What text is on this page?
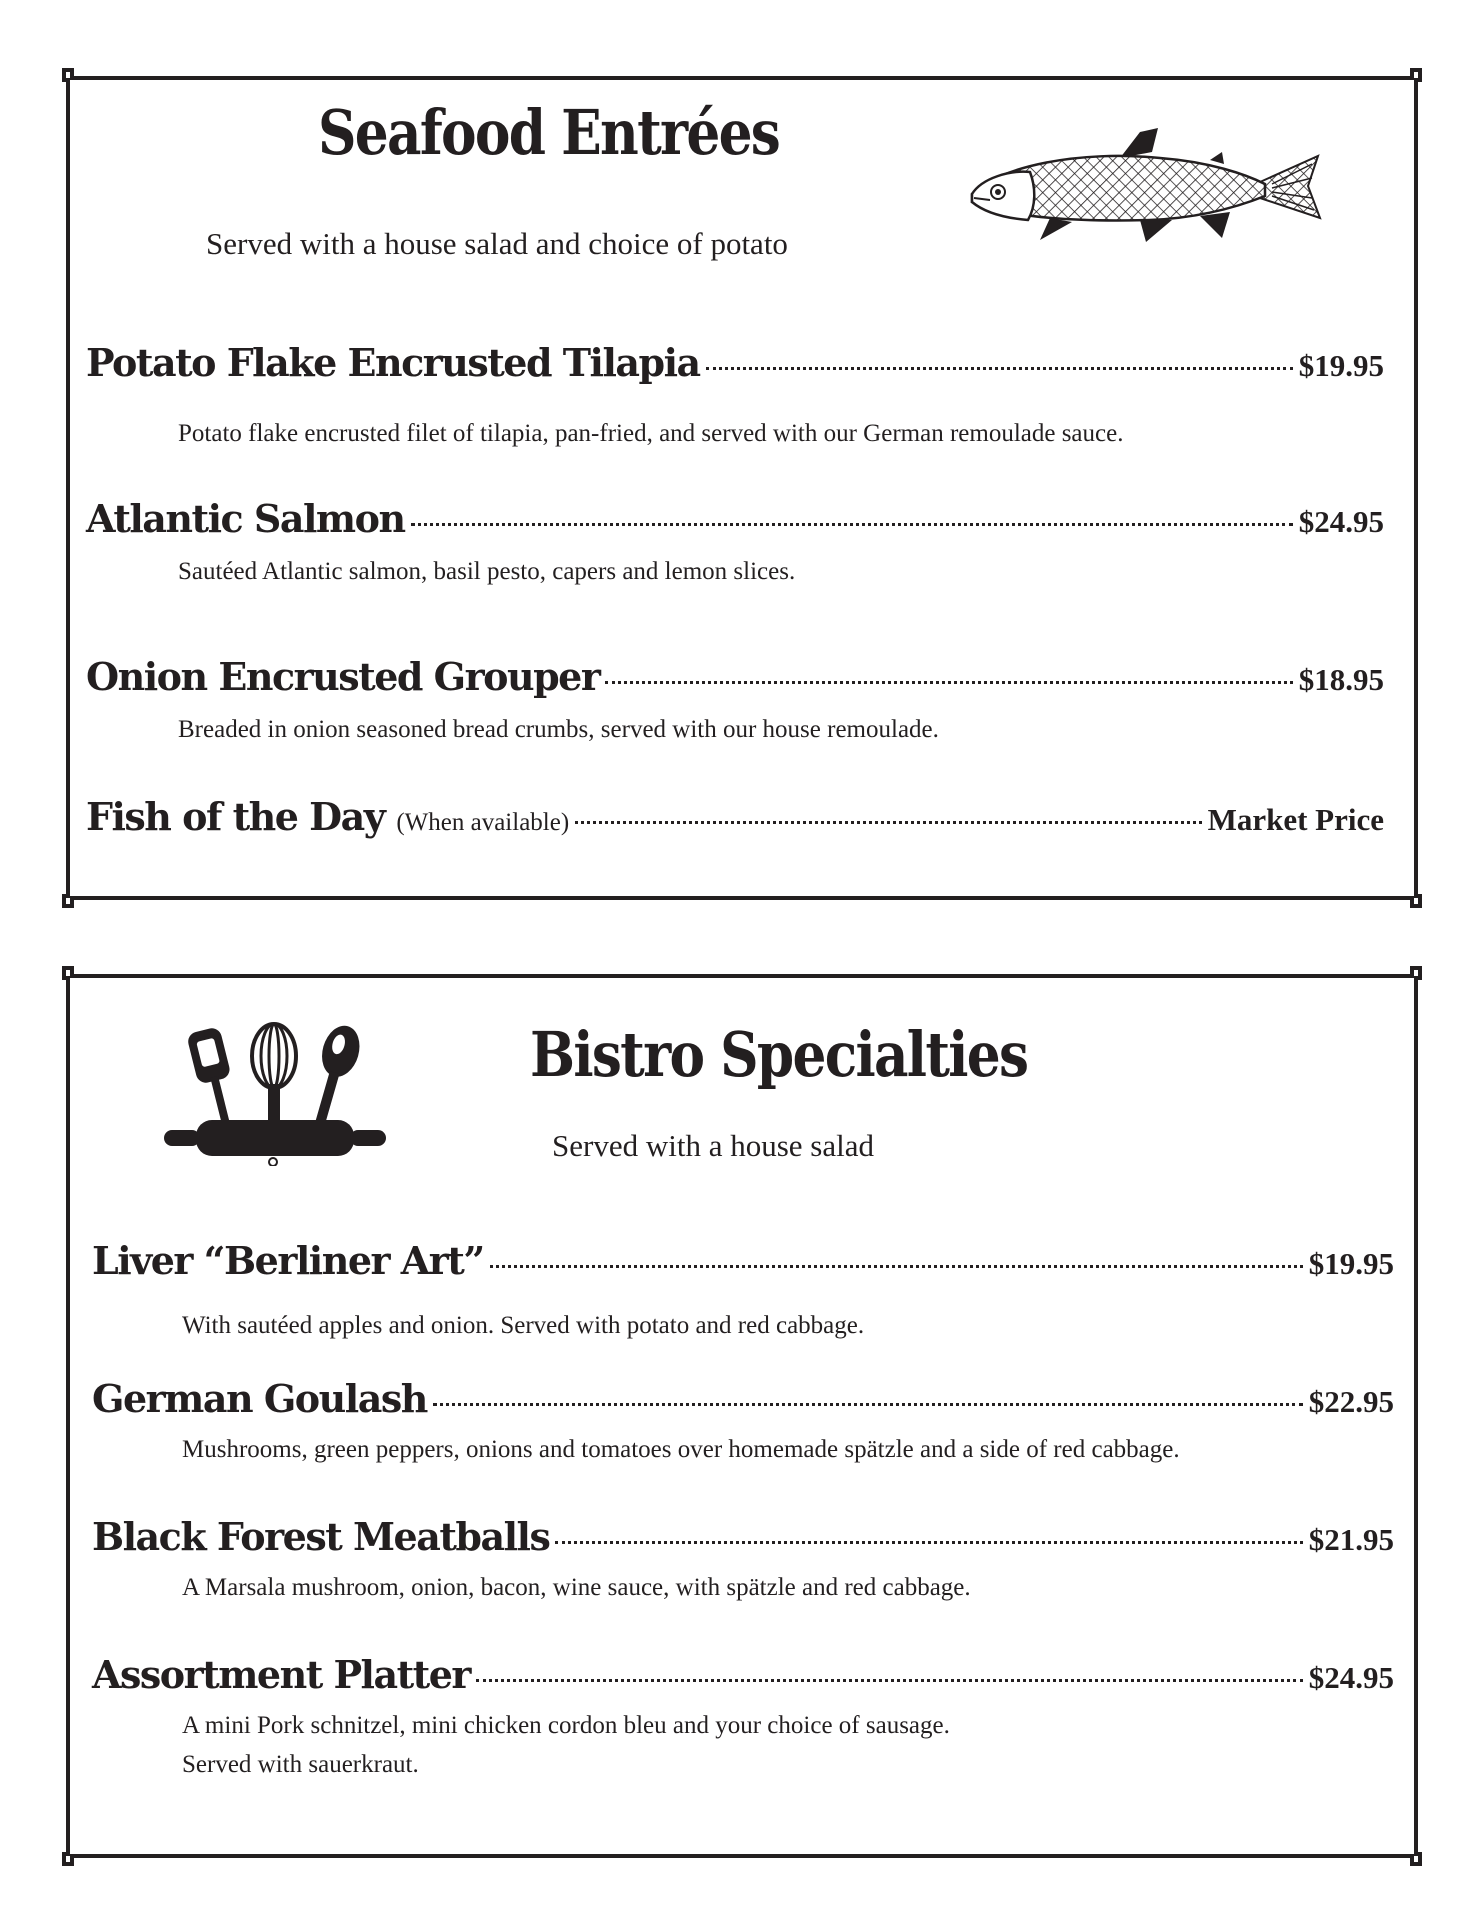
Seafood Entrées
Served with a house salad and choice of potato
Potato Flake Encrusted Tilapia	$19.95
Potato flake encrusted filet of tilapia, pan-fried, and served with our German remoulade sauce.
Atlantic Salmon	$24.95
Sautéed Atlantic salmon, basil pesto, capers and lemon slices.
Onion Encrusted Grouper	$18.95
Breaded in onion seasoned bread crumbs, served with our house remoulade.
Fish of the Day (When available)	Market Price
Bistro Specialties
Served with a house salad
Liver “Berliner Art”	$19.95
With sautéed apples and onion. Served with potato and red cabbage.
German Goulash	$22.95
Mushrooms, green peppers, onions and tomatoes over homemade spätzle and a side of red cabbage.
Black Forest Meatballs	$21.95
A Marsala mushroom, onion, bacon, wine sauce, with spätzle and red cabbage.
Assortment Platter	$24.95
A mini Pork schnitzel, mini chicken cordon bleu and your choice of sausage.
Served with sauerkraut.
